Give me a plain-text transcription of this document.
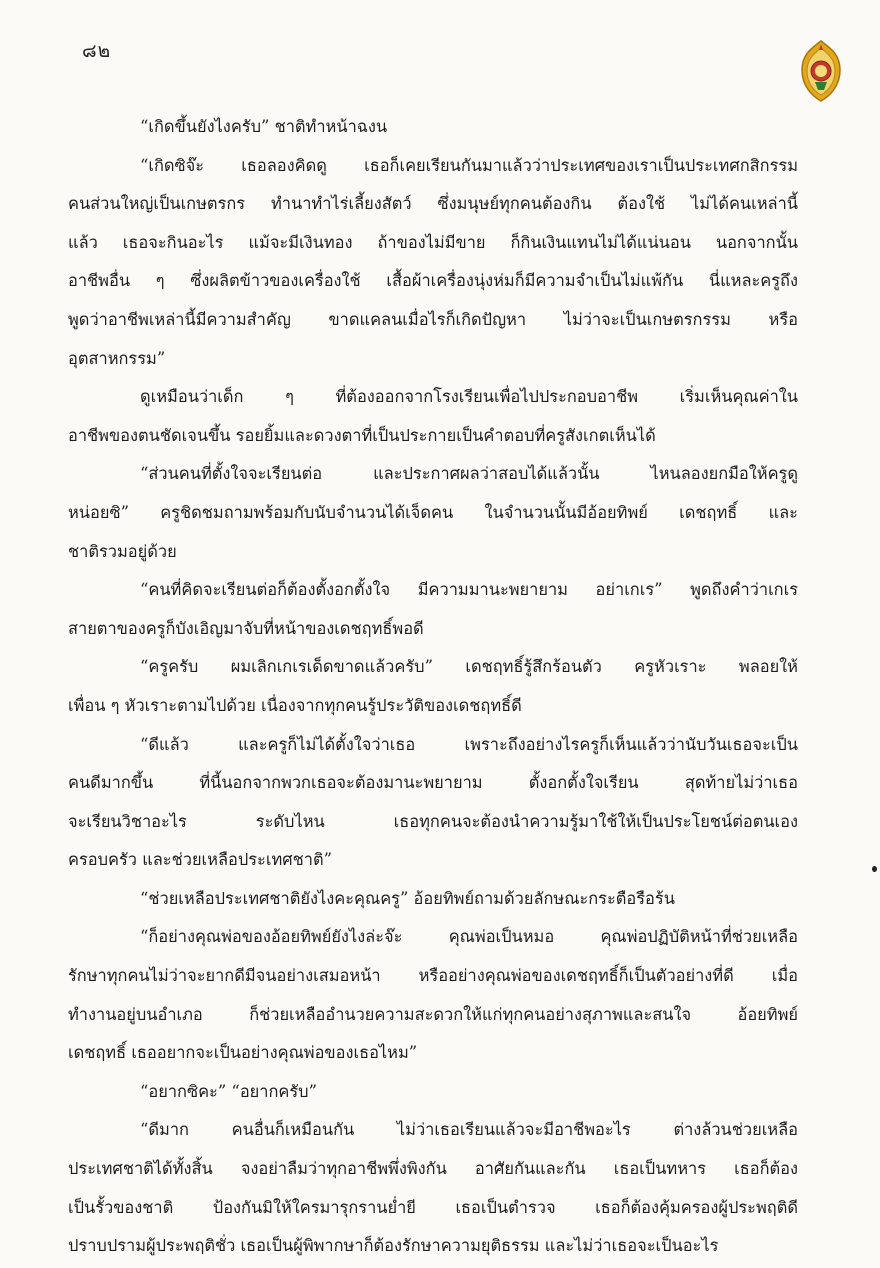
๘๒

“เกิดขึ้นยังไงครับ” ชาติทำหน้าฉงน

“เกิดซิจ๊ะ เธอลองคิดดู เธอก็เคยเรียนกันมาแล้วว่าประเทศของเราเป็นประเทศกสิกรรม
คนส่วนใหญ่เป็นเกษตรกร ทำนาทำไร่เลี้ยงสัตว์ ซึ่งมนุษย์ทุกคนต้องกิน ต้องใช้ ไม่ได้คนเหล่านี้
แล้ว เธอจะกินอะไร แม้จะมีเงินทอง ถ้าของไม่มีขาย ก็กินเงินแทนไม่ได้แน่นอน นอกจากนั้น
อาชีพอื่น ๆ ซึ่งผลิตข้าวของเครื่องใช้ เสื้อผ้าเครื่องนุ่งห่มก็มีความจำเป็นไม่แพ้กัน นี่แหละครูถึง
พูดว่าอาชีพเหล่านี้มีความสำคัญ ขาดแคลนเมื่อไรก็เกิดปัญหา ไม่ว่าจะเป็นเกษตรกรรม หรือ
อุตสาหกรรม”

ดูเหมือนว่าเด็ก ๆ ที่ต้องออกจากโรงเรียนเพื่อไปประกอบอาชีพ เริ่มเห็นคุณค่าใน
อาชีพของตนชัดเจนขึ้น รอยยิ้มและดวงตาที่เป็นประกายเป็นคำตอบที่ครูสังเกตเห็นได้

“ส่วนคนที่ตั้งใจจะเรียนต่อ และประกาศผลว่าสอบได้แล้วนั้น ไหนลองยกมือให้ครูดู
หน่อยซิ” ครูชิดชมถามพร้อมกับนับจำนวนได้เจ็ดคน ในจำนวนนั้นมีอ้อยทิพย์ เดชฤทธิ์ และ
ชาติรวมอยู่ด้วย

“คนที่คิดจะเรียนต่อก็ต้องตั้งอกตั้งใจ มีความมานะพยายาม อย่าเกเร” พูดถึงคำว่าเกเร
สายตาของครูก็บังเอิญมาจับที่หน้าของเดชฤทธิ์พอดี

“ครูครับ ผมเลิกเกเรเด็ดขาดแล้วครับ” เดชฤทธิ์รู้สึกร้อนตัว ครูหัวเราะ พลอยให้
เพื่อน ๆ หัวเราะตามไปด้วย เนื่องจากทุกคนรู้ประวัติของเดชฤทธิ์ดี

“ดีแล้ว และครูก็ไม่ได้ตั้งใจว่าเธอ เพราะถึงอย่างไรครูก็เห็นแล้วว่านับวันเธอจะเป็น
คนดีมากขึ้น ที่นี้นอกจากพวกเธอจะต้องมานะพยายาม ตั้งอกตั้งใจเรียน สุดท้ายไม่ว่าเธอ
จะเรียนวิชาอะไร ระดับไหน เธอทุกคนจะต้องนำความรู้มาใช้ให้เป็นประโยชน์ต่อตนเอง
ครอบครัว และช่วยเหลือประเทศชาติ”

“ช่วยเหลือประเทศชาติยังไงคะคุณครู” อ้อยทิพย์ถามด้วยลักษณะกระตือรือร้น

“ก็อย่างคุณพ่อของอ้อยทิพย์ยังไงล่ะจ๊ะ คุณพ่อเป็นหมอ คุณพ่อปฏิบัติหน้าที่ช่วยเหลือ
รักษาทุกคนไม่ว่าจะยากดีมีจนอย่างเสมอหน้า หรืออย่างคุณพ่อของเดชฤทธิ์ก็เป็นตัวอย่างที่ดี เมื่อ
ทำงานอยู่บนอำเภอ ก็ช่วยเหลืออำนวยความสะดวกให้แก่ทุกคนอย่างสุภาพและสนใจ อ้อยทิพย์
เดชฤทธิ์ เธออยากจะเป็นอย่างคุณพ่อของเธอไหม”

“อยากซิคะ” “อยากครับ”

“ดีมาก คนอื่นก็เหมือนกัน ไม่ว่าเธอเรียนแล้วจะมีอาชีพอะไร ต่างล้วนช่วยเหลือ
ประเทศชาติได้ทั้งสิ้น จงอย่าลืมว่าทุกอาชีพพึ่งพิงกัน อาศัยกันและกัน เธอเป็นทหาร เธอก็ต้อง
เป็นรั้วของชาติ ป้องกันมิให้ใครมารุกรานย่ำยี เธอเป็นตำรวจ เธอก็ต้องคุ้มครองผู้ประพฤติดี
ปราบปรามผู้ประพฤติชั่ว เธอเป็นผู้พิพากษาก็ต้องรักษาความยุติธรรม และไม่ว่าเธอจะเป็นอะไร
